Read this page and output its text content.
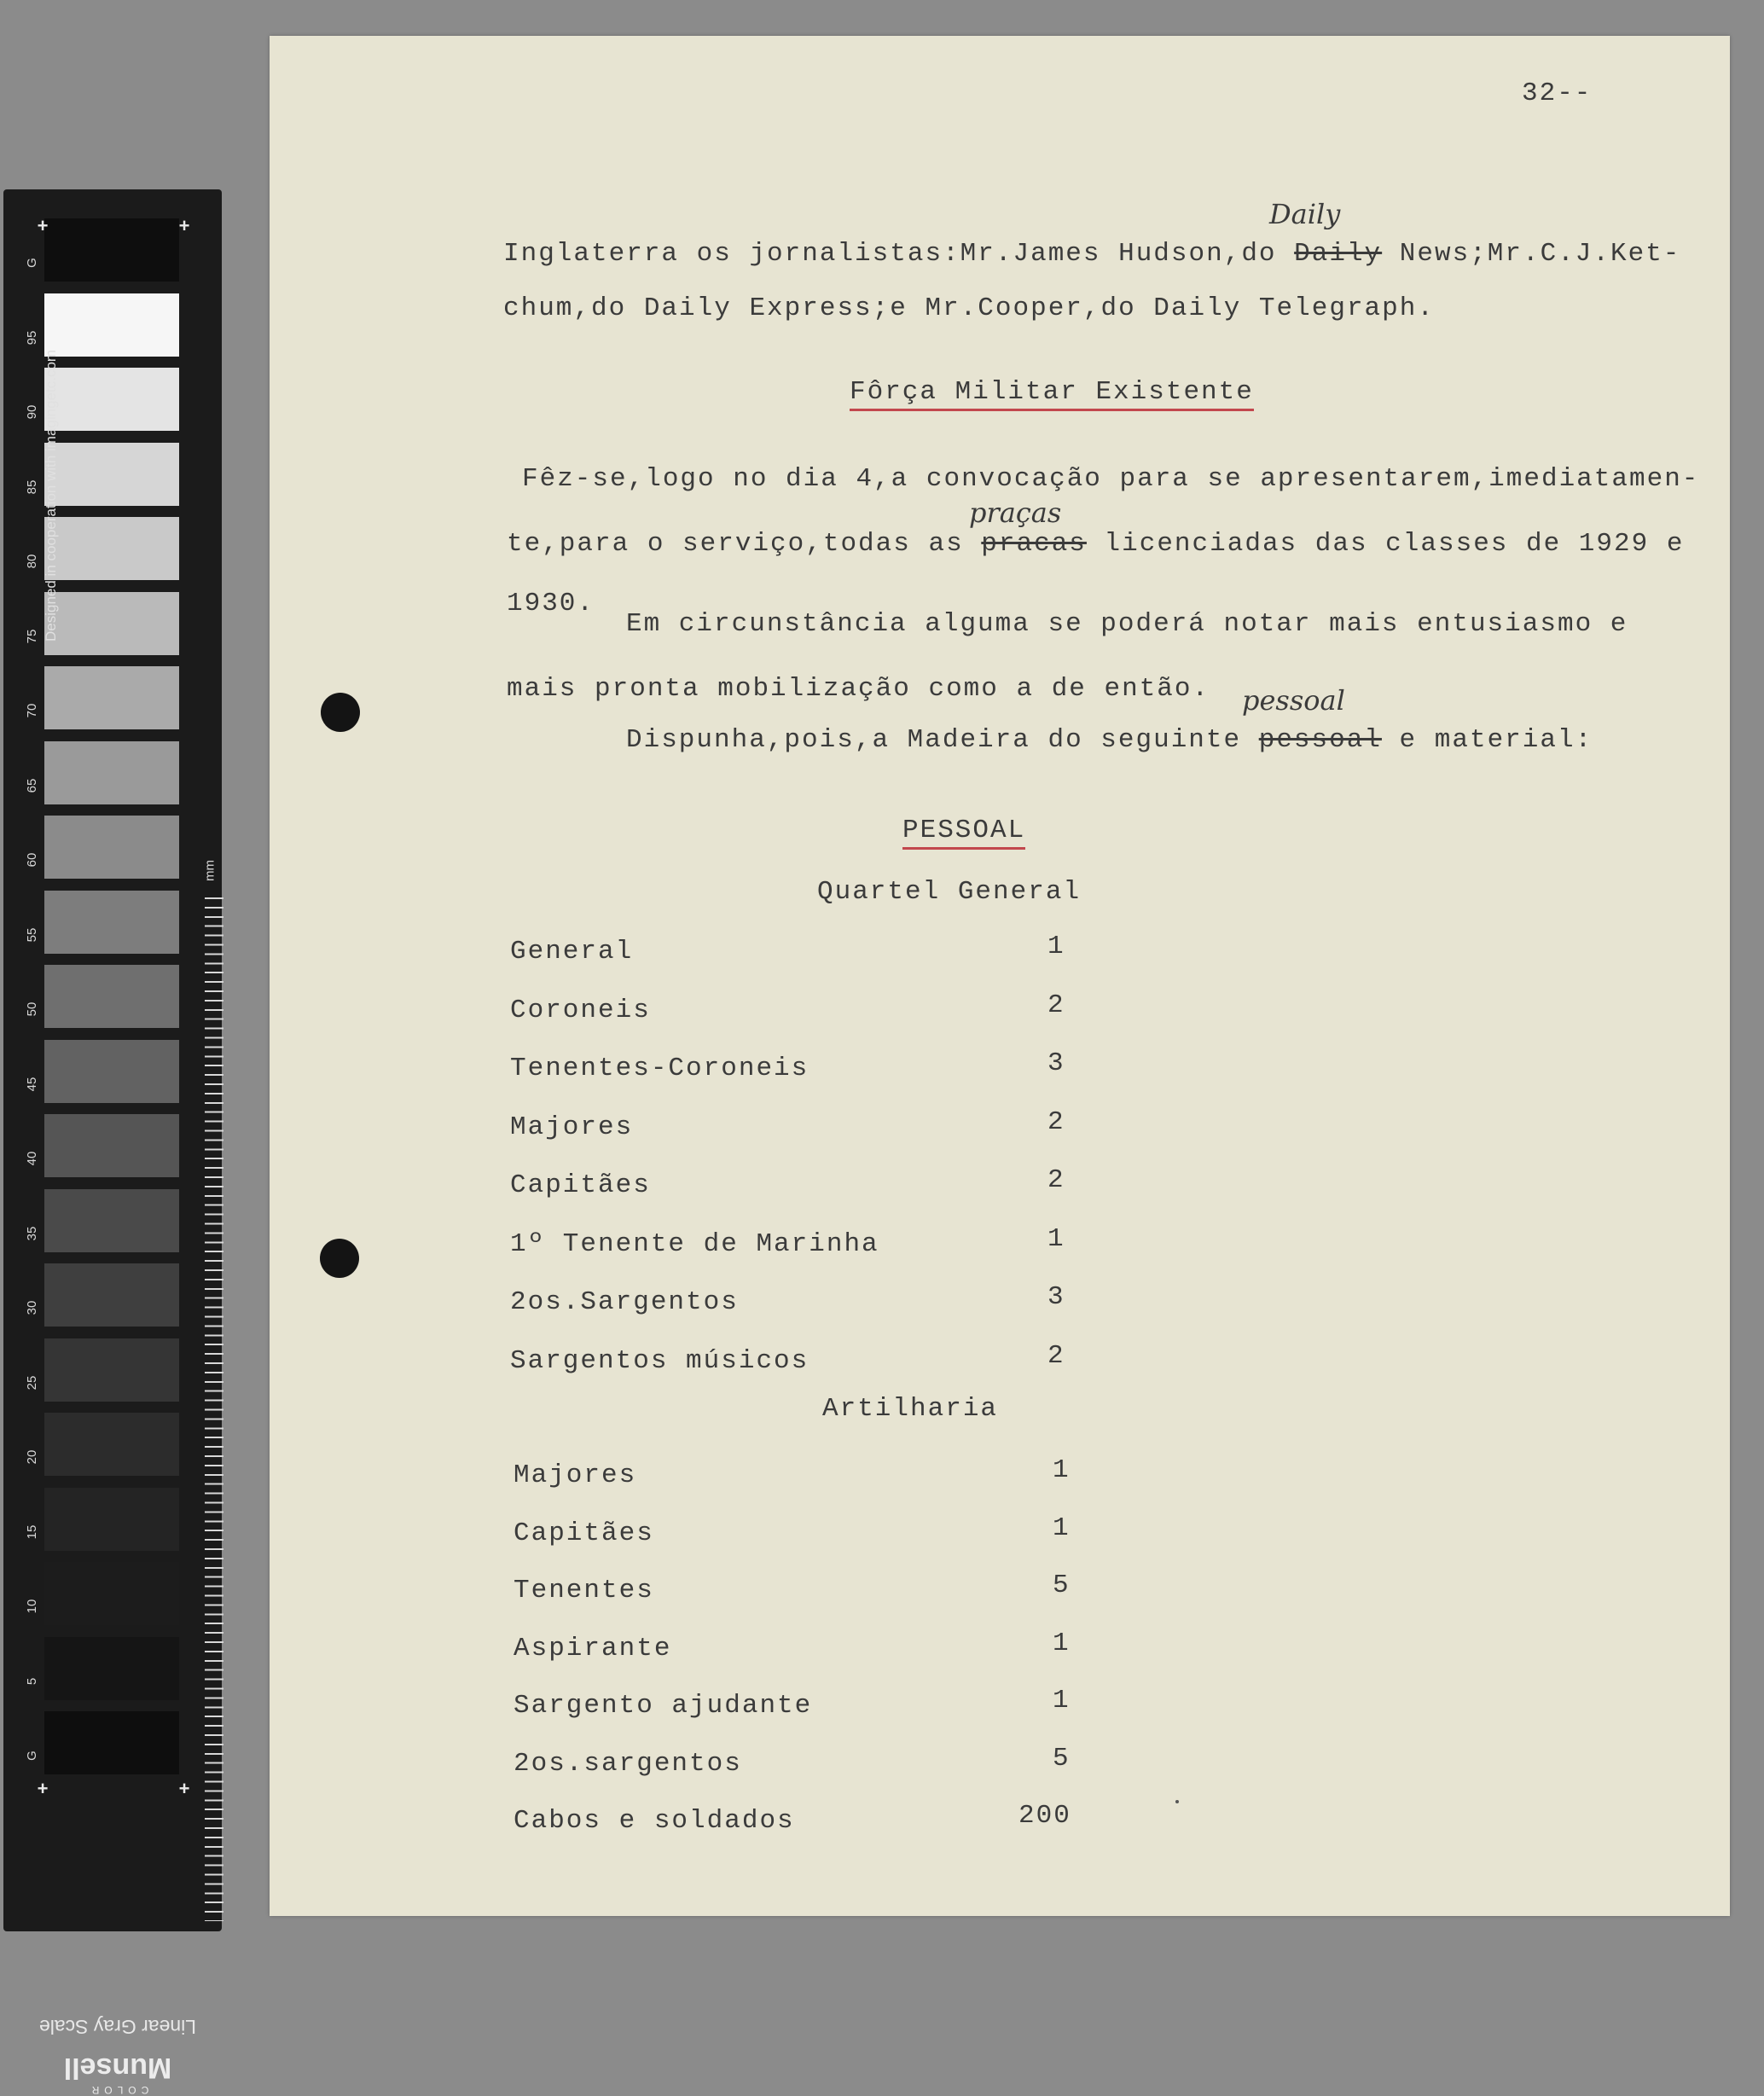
G
95
90
85
80
75
70
65
60
55
50
45
40
35
30
25
20
15
10
5
G
+	+
+	+
mm
Designed in cooperation with imagingetc.com
Linear Gray Scale
COLOR
Munsell
32--
Inglaterra os jornalistas:Mr.James Hudson,do Daily News;Mr.C.J.Ket-
Daily
chum,do Daily Express;e Mr.Cooper,do Daily Telegraph.
Fôrça Militar Existente
Fêz-se,logo no dia 4,a convocação para se apresentarem,imediatamen-
te,para o serviço,todas as pracas licenciadas das classes de 1929 e
praças
1930.
Em circunstância alguma se poderá notar mais entusiasmo e
mais pronta mobilização como a de então.
Dispunha,pois,a Madeira do seguinte pessoal e material:
pessoal
PESSOAL
Quartel General
General	1
Coroneis	2
Tenentes-Coroneis	3
Majores	2
Capitães	2
1º Tenente de Marinha	1
2os.Sargentos	3
Sargentos músicos	2
Artilharia
Majores	1
Capitães	1
Tenentes	5
Aspirante	1
Sargento ajudante	1
2os.sargentos	5
Cabos e soldados	200
